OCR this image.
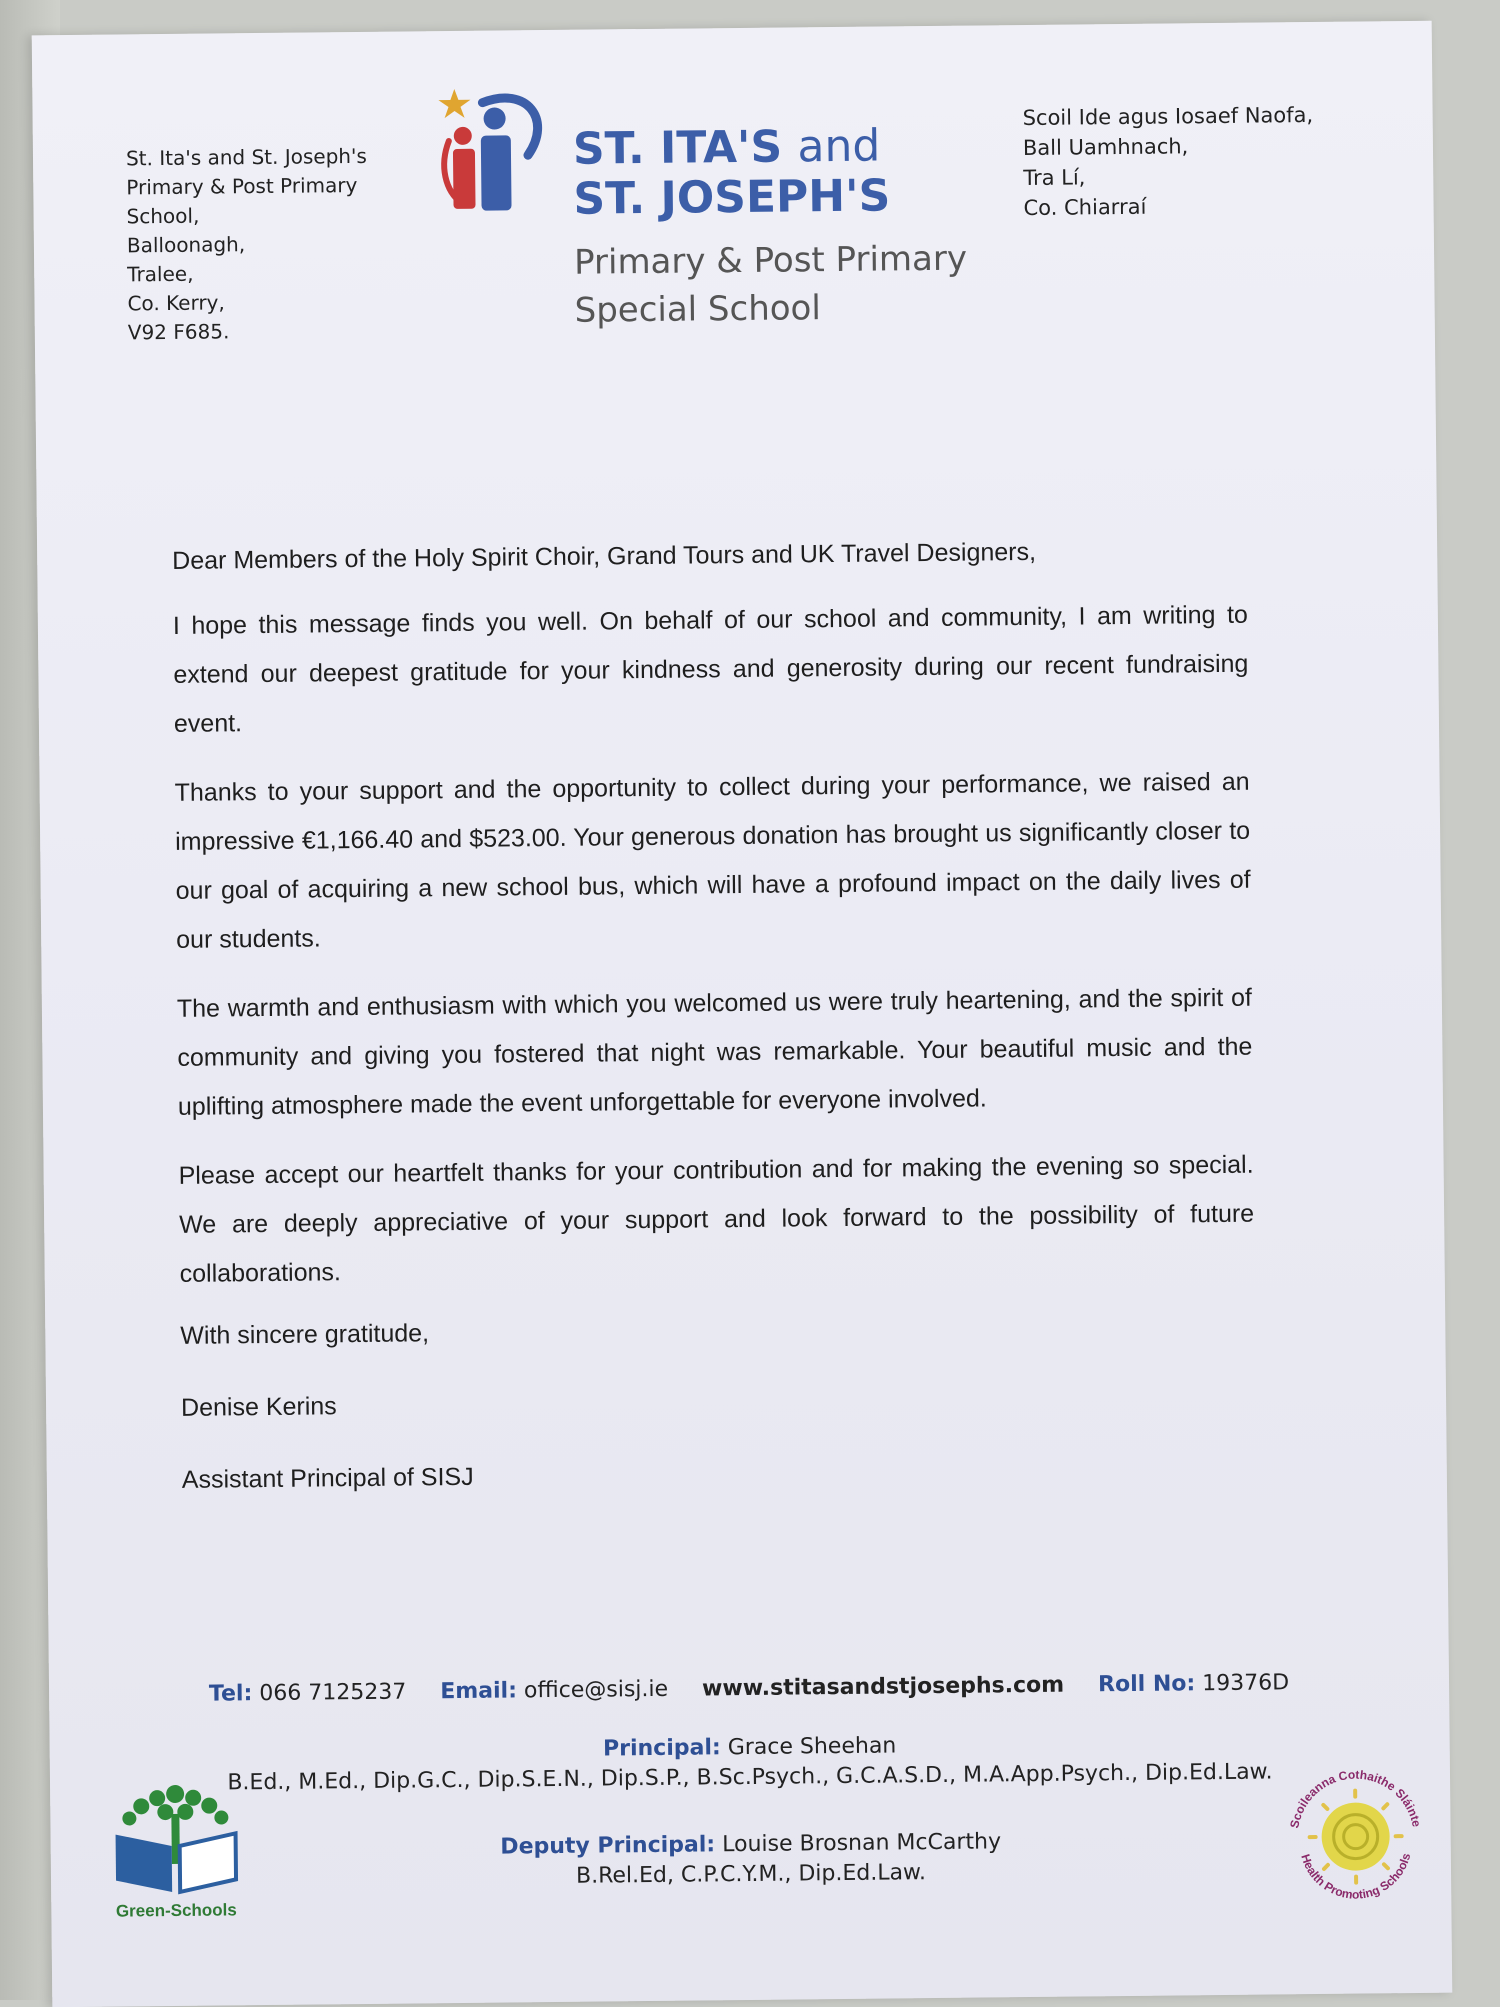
St. Ita's and St. Joseph's
Primary & Post Primary
School,
Balloonagh,
Tralee,
Co. Kerry,
V92 F685.
ST. ITA'S and
ST. JOSEPH'S
Primary & Post Primary
Special School
Scoil Ide agus Iosaef Naofa,
Ball Uamhnach,
Tra Lí,
Co. Chiarraí

Dear Members of the Holy Spirit Choir, Grand Tours and UK Travel Designers,

I hope this message finds you well. On behalf of our school and community, I am writing to extend our deepest gratitude for your kindness and generosity during our recent fundraising event.

Thanks to your support and the opportunity to collect during your performance, we raised an impressive €1,166.40 and $523.00. Your generous donation has brought us significantly closer to our goal of acquiring a new school bus, which will have a profound impact on the daily lives of our students.

The warmth and enthusiasm with which you welcomed us were truly heartening, and the spirit of community and giving you fostered that night was remarkable. Your beautiful music and the uplifting atmosphere made the event unforgettable for everyone involved.

Please accept our heartfelt thanks for your contribution and for making the evening so special. We are deeply appreciative of your support and look forward to the possibility of future collaborations.

With sincere gratitude,

Denise Kerins

Assistant Principal of SISJ

Tel: 066 7125237 Email: office@sisj.ie www.stitasandstjosephs.com Roll No: 19376D
Principal: Grace Sheehan
B.Ed., M.Ed., Dip.G.C., Dip.S.E.N., Dip.S.P., B.Sc.Psych., G.C.A.S.D., M.A.App.Psych., Dip.Ed.Law.
Deputy Principal: Louise Brosnan McCarthy
B.Rel.Ed, C.P.C.Y.M., Dip.Ed.Law.
Green-Schools
Scoileanna Cothaithe Sláinte
Health Promoting Schools
